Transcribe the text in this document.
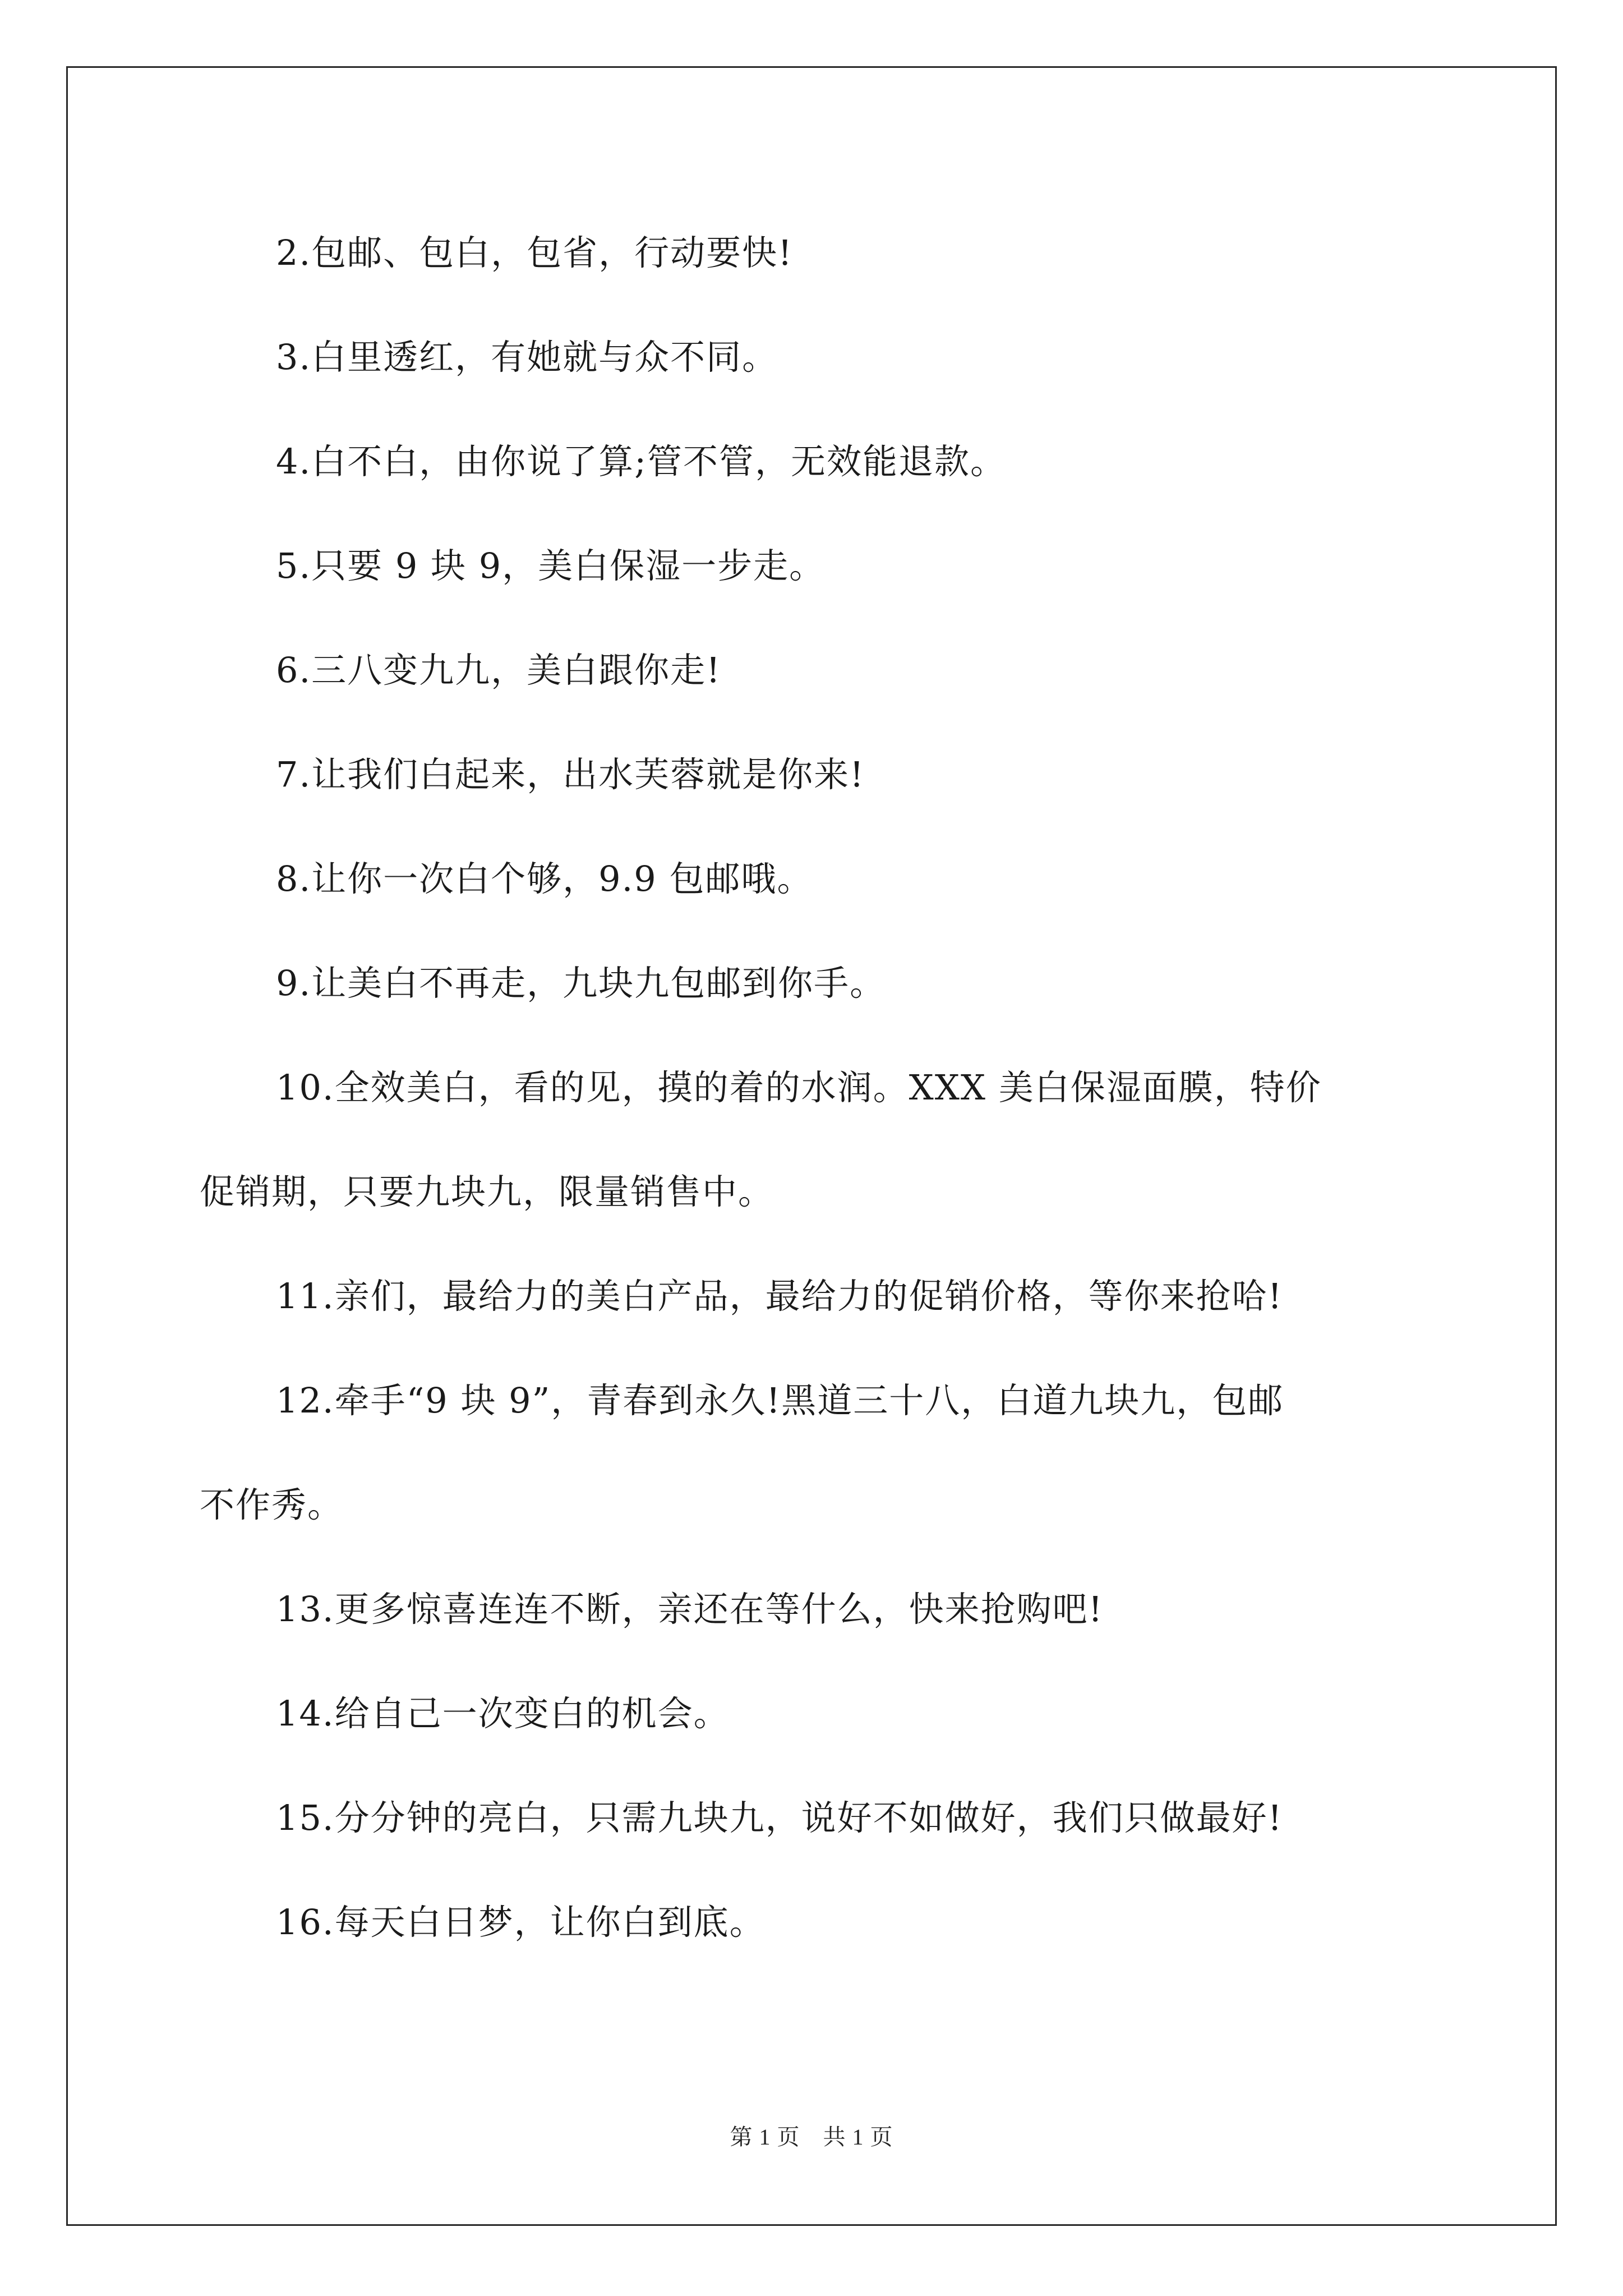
2.包邮、包白，包省，行动要快!

3.白里透红，有她就与众不同。

4.白不白，由你说了算;管不管，无效能退款。

5.只要 9 块 9，美白保湿一步走。

6.三八变九九，美白跟你走!

7.让我们白起来，出水芙蓉就是你来!

8.让你一次白个够，9.9 包邮哦。

9.让美白不再走，九块九包邮到你手。

10.全效美白，看的见，摸的着的水润。XXX 美白保湿面膜，特价

促销期，只要九块九，限量销售中。

11.亲们，最给力的美白产品，最给力的促销价格，等你来抢哈!

12.牵手“9 块 9”，青春到永久!黑道三十八，白道九块九，包邮

不作秀。

13.更多惊喜连连不断，亲还在等什么，快来抢购吧!

14.给自己一次变白的机会。

15.分分钟的亮白，只需九块九，说好不如做好，我们只做最好!

16.每天白日梦，让你白到底。

第 1 页　共 1 页
